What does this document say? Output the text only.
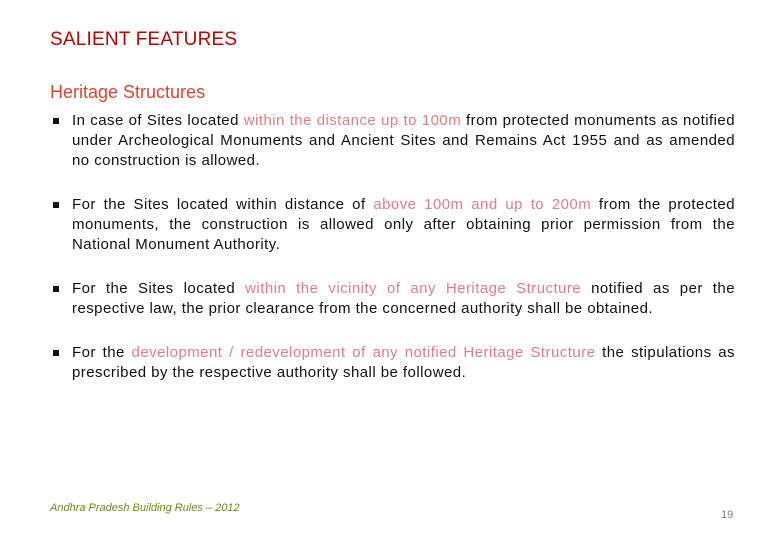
SALIENT FEATURES
Heritage Structures
In case of Sites located within the distance up to 100m from protected monuments as notified under Archeological Monuments and Ancient Sites and Remains Act 1955 and as amended no construction is allowed.
For the Sites located within distance of above 100m and up to 200m from the protected monuments, the construction is allowed only after obtaining prior permission from the National Monument Authority.
For the Sites located within the vicinity of any Heritage Structure notified as per the respective law, the prior clearance from the concerned authority shall be obtained.
For the development / redevelopment of any notified Heritage Structure the stipulations as prescribed by the respective authority shall be followed.
Andhra Pradesh Building Rules – 2012
19
